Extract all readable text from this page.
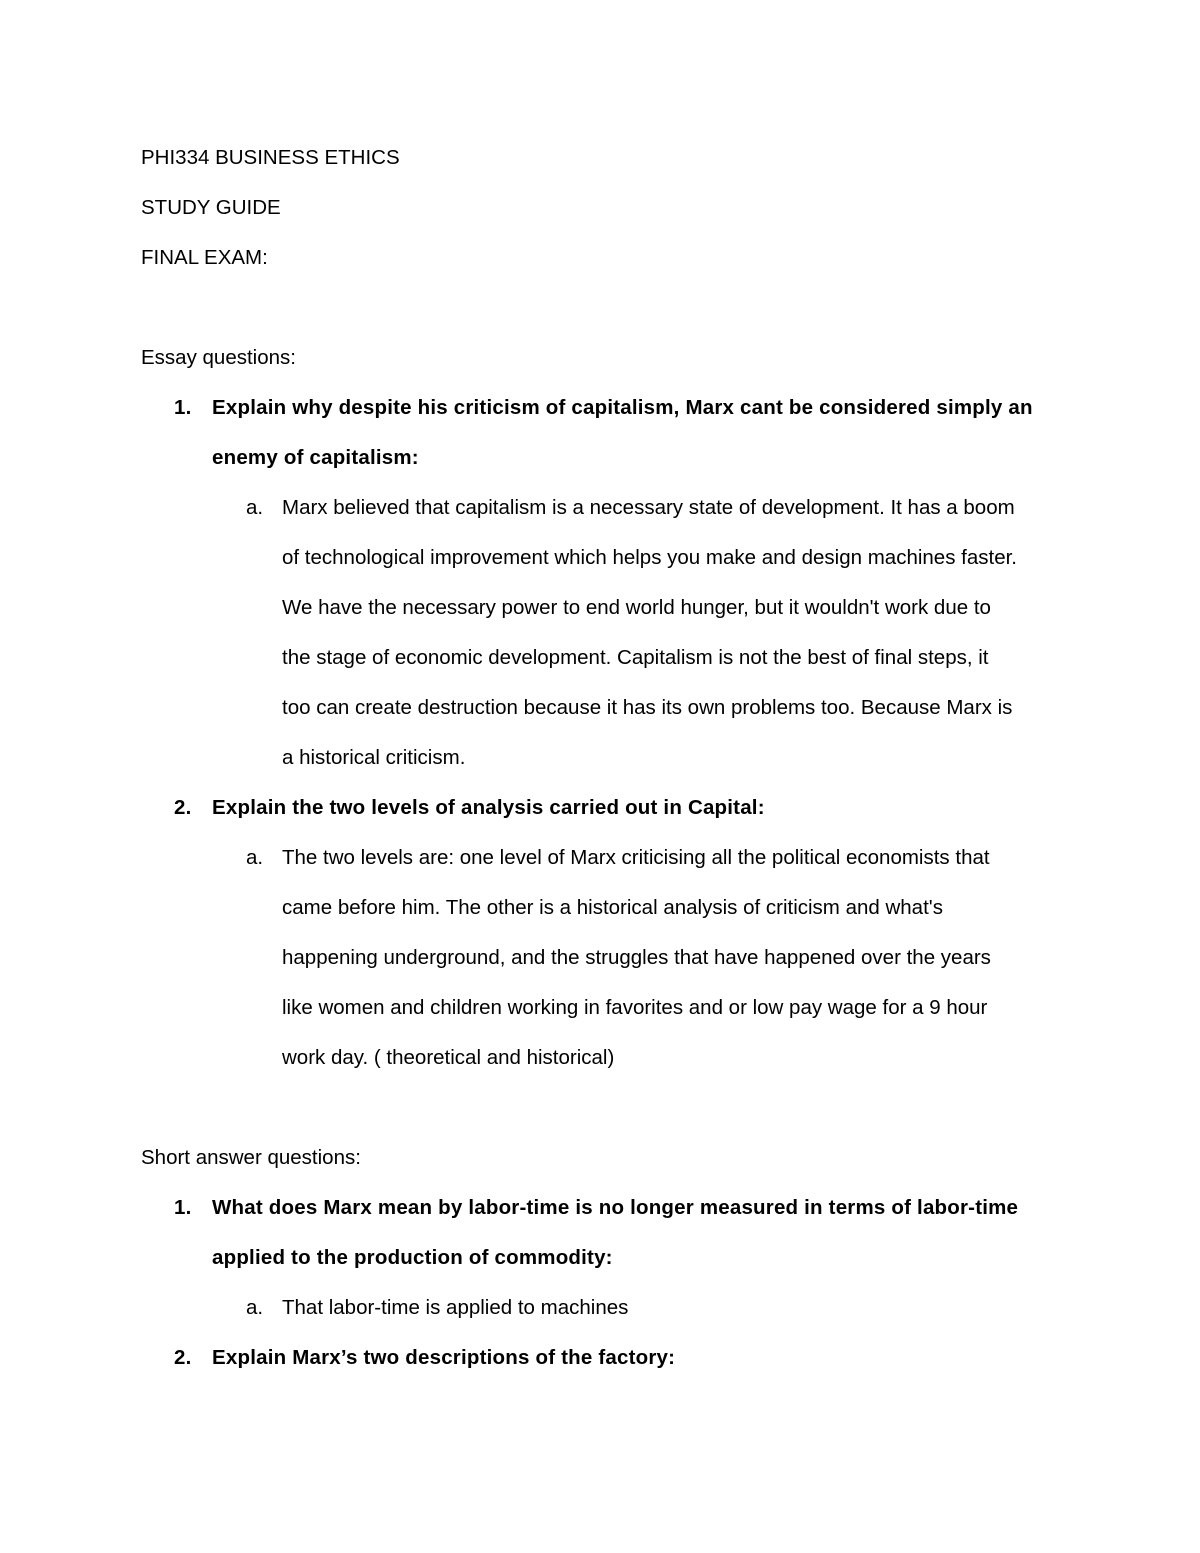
PHI334 BUSINESS ETHICS
STUDY GUIDE
FINAL EXAM:
Essay questions:
1. Explain why despite his criticism of capitalism, Marx cant be considered simply an
enemy of capitalism:
a. Marx believed that capitalism is a necessary state of development. It has a boom
of technological improvement which helps you make and design machines faster.
We have the necessary power to end world hunger, but it wouldn't work due to
the stage of economic development. Capitalism is not the best of final steps, it
too can create destruction because it has its own problems too. Because Marx is
a historical criticism.
2. Explain the two levels of analysis carried out in Capital:
a. The two levels are: one level of Marx criticising all the political economists that
came before him. The other is a historical analysis of criticism and what's
happening underground, and the struggles that have happened over the years
like women and children working in favorites and or low pay wage for a 9 hour
work day. ( theoretical and historical)
Short answer questions:
1. What does Marx mean by labor-time is no longer measured in terms of labor-time
applied to the production of commodity:
a. That labor-time is applied to machines
2. Explain Marx’s two descriptions of the factory:
